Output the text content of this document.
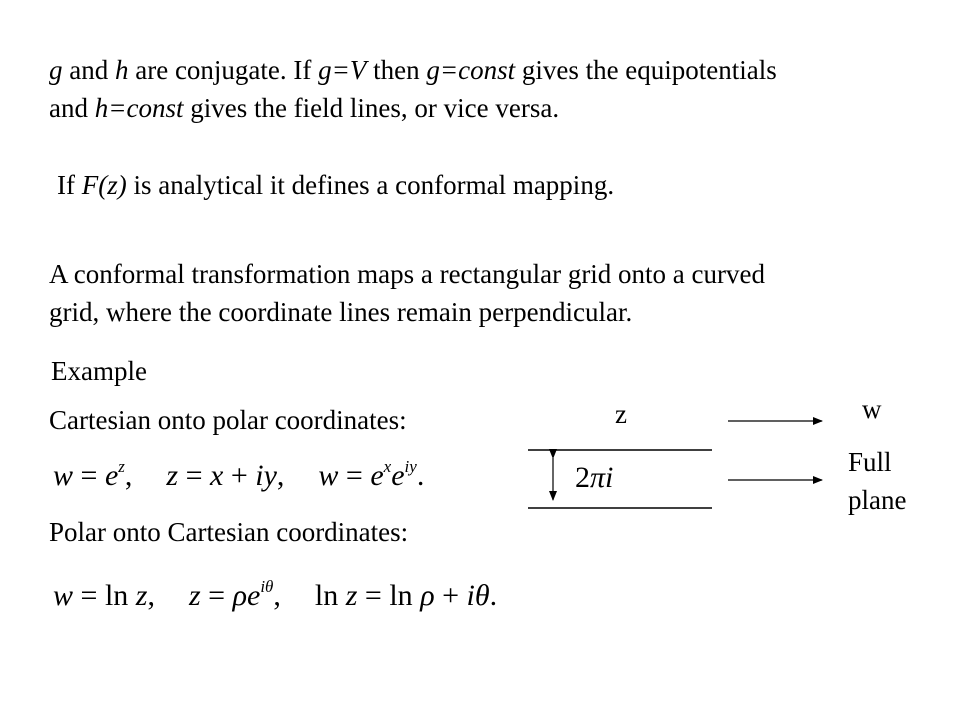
g and h are conjugate. If g=V then g=const gives the equipotentials

and h=const gives the field lines, or vice versa.

If F(z) is analytical it defines a conformal mapping.

A conformal transformation maps a rectangular grid onto a curved

grid, where the coordinate lines remain perpendicular.

Example

Cartesian onto polar coordinates:

$w = e^z$, z = x + iy, $w = e^xe^{iy}$.

Polar onto Cartesian coordinates:

w = ln z, $z = \rho e^{i\theta}$, ln z = ln ρ + iθ.
z	w
2πi	Full
plane
